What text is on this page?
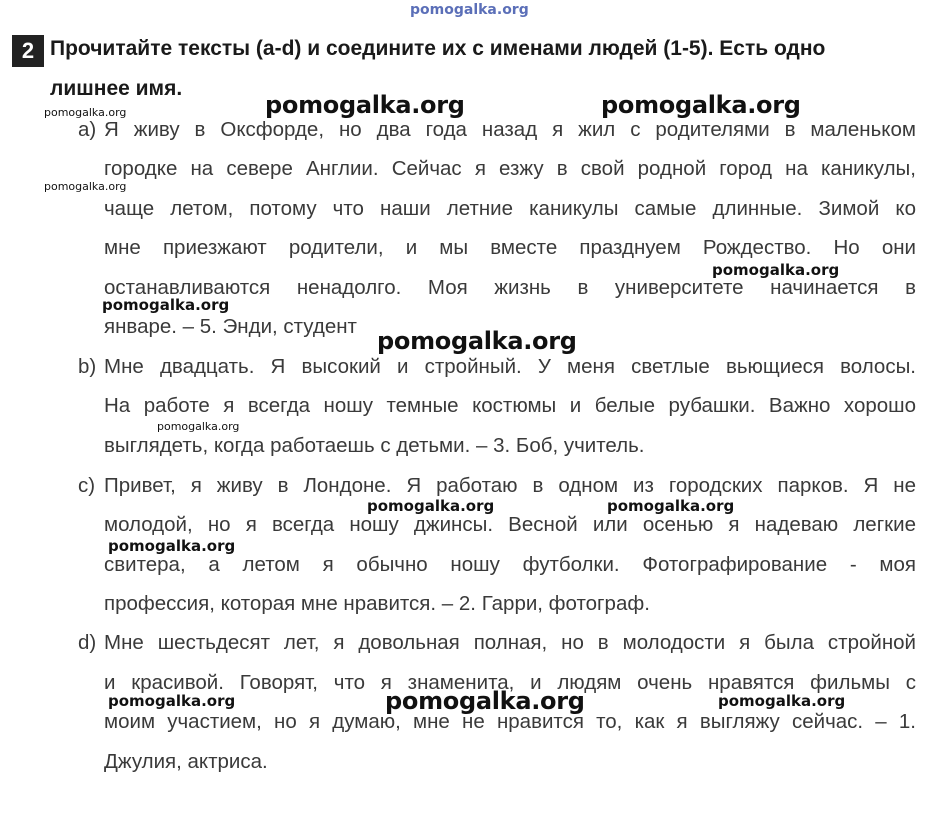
pomogalka.org
2 Прочитайте тексты (a-d) и соедините их с именами людей (1-5). Есть одно
лишнее имя.
a) Я живу в Оксфорде, но два года назад я жил с родителями в маленьком
городке на севере Англии. Сейчас я езжу в свой родной город на каникулы,
чаще летом, потому что наши летние каникулы самые длинные. Зимой ко
мне приезжают родители, и мы вместе празднуем Рождество. Но они
останавливаются ненадолго. Моя жизнь в университете начинается в
январе. – 5. Энди, студент
b) Мне двадцать. Я высокий и стройный. У меня светлые вьющиеся волосы.
На работе я всегда ношу темные костюмы и белые рубашки. Важно хорошо
выглядеть, когда работаешь с детьми. – 3. Боб, учитель.
c) Привет, я живу в Лондоне. Я работаю в одном из городских парков. Я не
молодой, но я всегда ношу джинсы. Весной или осенью я надеваю легкие
свитера, а летом я обычно ношу футболки. Фотографирование - моя
профессия, которая мне нравится. – 2. Гарри, фотограф.
d) Мне шестьдесят лет, я довольная полная, но в молодости я была стройной
и красивой. Говорят, что я знаменита, и людям очень нравятся фильмы с
моим участием, но я думаю, мне не нравится то, как я выгляжу сейчас. – 1.
Джулия, актриса.
pomogalka.org	pomogalka.org	pomogalka.org
pomogalka.org
pomogalka.org
pomogalka.org
pomogalka.org
pomogalka.org
pomogalka.org	pomogalka.org
pomogalka.org
pomogalka.org	pomogalka.org	pomogalka.org
